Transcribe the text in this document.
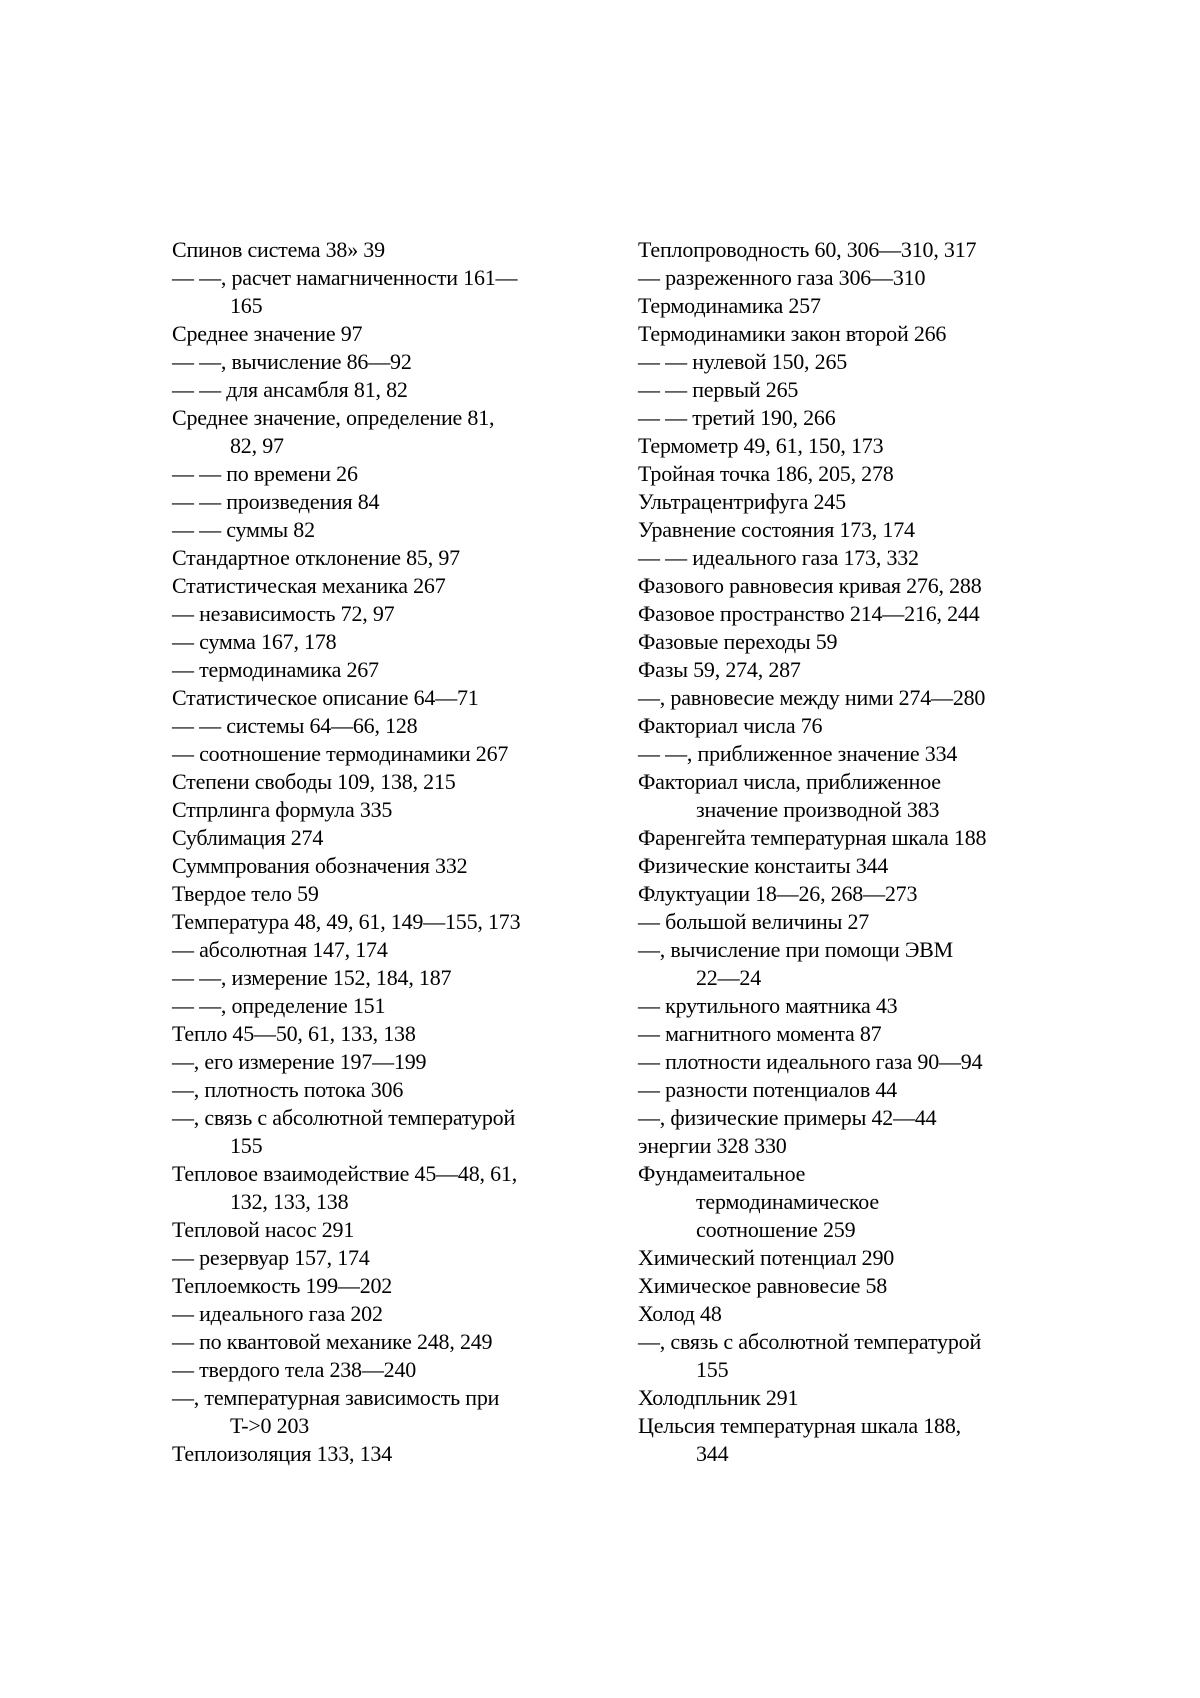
Спинов система 38» 39
— —, расчет намагниченности 161—
165
Среднее значение 97
— —, вычисление 86—92
— — для ансамбля 81, 82
Среднее значение, определение 81,
82, 97
— — по времени 26
— — произведения 84
— — суммы 82
Стандартное отклонение 85, 97
Статистическая механика 267
— независимость 72, 97
— сумма 167, 178
— термодинамика 267
Статистическое описание 64—71
— — системы 64—66, 128
— соотношение термодинамики 267
Степени свободы 109, 138, 215
Стпрлинга формула 335
Сублимация 274
Суммпрования обозначения 332
Твердое тело 59
Температура 48, 49, 61, 149—155, 173
— абсолютная 147, 174
— —, измерение 152, 184, 187
— —, определение 151
Тепло 45—50, 61, 133, 138
—, его измерение 197—199
—, плотность потока 306
—, связь с абсолютной температурой
155
Тепловое взаимодействие 45—48, 61,
132, 133, 138
Тепловой насос 291
— резервуар 157, 174
Теплоемкость 199—202
— идеального газа 202
— по квантовой механике 248, 249
— твердого тела 238—240
—, температурная зависимость при
T->0 203
Теплоизоляция 133, 134
Теплопроводность 60, 306—310, 317
— разреженного газа 306—310
Термодинамика 257
Термодинамики закон второй 266
— — нулевой 150, 265
— — первый 265
— — третий 190, 266
Термометр 49, 61, 150, 173
Тройная точка 186, 205, 278
Ультрацентрифуга 245
Уравнение состояния 173, 174
— — идеального газа 173, 332
Фазового равновесия кривая 276, 288
Фазовое пространство 214—216, 244
Фазовые переходы 59
Фазы 59, 274, 287
—, равновесие между ними 274—280
Факториал числа 76
— —, приближенное значение 334
Факториал числа, приближенное
значение производной 383
Фаренгейта температурная шкала 188
Физические констаиты 344
Флуктуации 18—26, 268—273
— большой величины 27
—, вычисление при помощи ЭВМ
22—24
— крутильного маятника 43
— магнитного момента 87
— плотности идеального газа 90—94
— разности потенциалов 44
—, физические примеры 42—44
энергии 328 330
Фундамеитальное
термодинамическое
соотношение 259
Химический потенциал 290
Химическое равновесие 58
Холод 48
—, связь с абсолютной температурой
155
Холодпльник 291
Цельсия температурная шкала 188,
344
